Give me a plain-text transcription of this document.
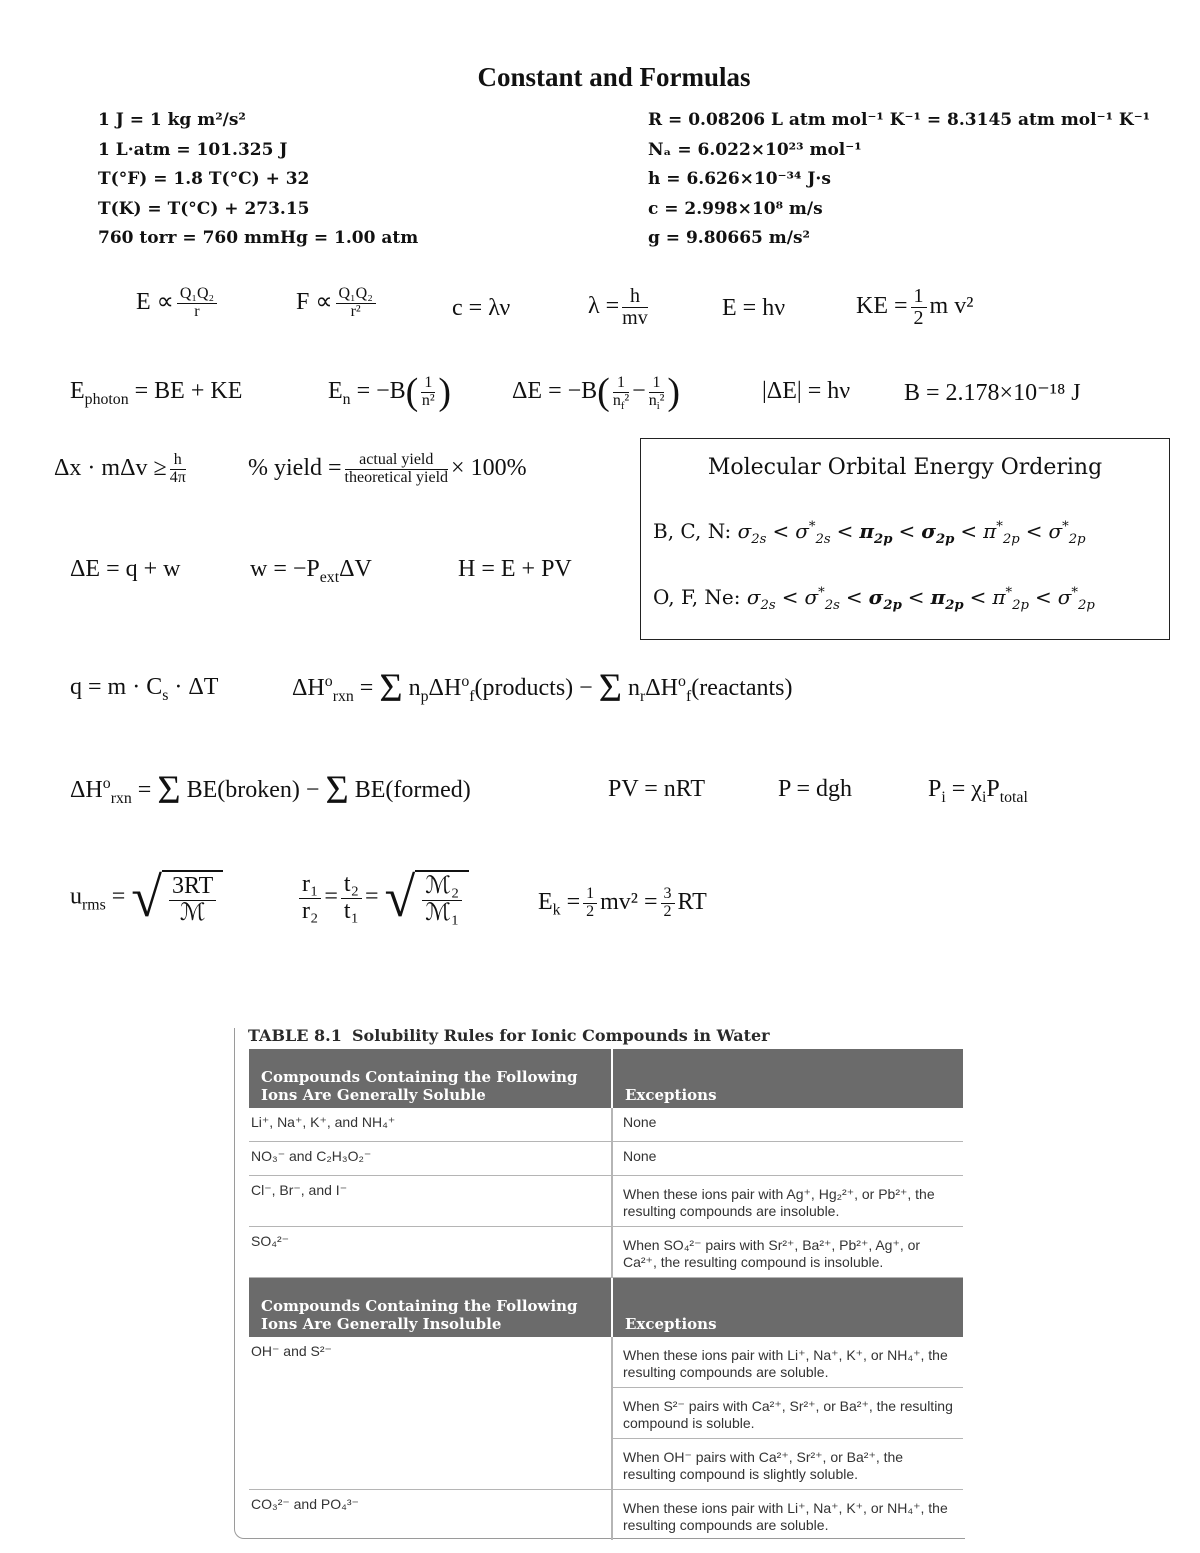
Constant and Formulas
1 J = 1 kg m²/s²
1 L·atm = 101.325 J
T(°F) = 1.8 T(°C) + 32
T(K) = T(°C) + 273.15
760 torr = 760 mmHg = 1.00 atm
R = 0.08206 L atm mol⁻¹ K⁻¹ = 8.3145 atm mol⁻¹ K⁻¹
Nₐ = 6.022×10²³ mol⁻¹
h = 6.626×10⁻³⁴ J·s
c = 2.998×10⁸ m/s
g = 9.80665 m/s²
$E \propto \frac{\text{Q₁Q₂}}{r}$	$F \propto \frac{\text{Q₁Q₂}}{\text{r²}}$	c = λν	$\lambda = \frac{h}{mv}$	E = hν	KE = $\frac{1}{2}$ m v²
$E_{photon}$ = BE + KE	$E_n = -B( \frac{1}{\text{n²}}$ )	$\Delta E = -B( \frac{1}{n_f^2} - \frac{1}{n_i^2}$ )	|ΔE| = hν B = 2.178×10⁻¹⁸ J
$\Delta x \cdot m\Delta v \ge \frac{h}{4\pi}$	% yield = $\frac{\text{actual yield}}{\text{theoretical yield}} \times 100\%$
ΔE = q + w	$w = -P_{ext}\Delta V$	H = E + PV
Molecular Orbital Energy Ordering
B, C, N: $\sigma_{2s} < \sigma^*_{2s} < \pi_{2p} < \sigma_{2p} < \pi^*_{2p} < \sigma^*_{2p}$
O, F, Ne: $\sigma_{2s} < \sigma^*_{2s} < \sigma_{2p} < \pi_{2p} < \pi^*_{2p} < \sigma^*_{2p}$
$q = m \cdot C_s \cdot \Delta T$	$\Delta H^o_{rxn} = \Sigma$ $n_p\Delta H^o_f(products) - \Sigma$ $n_r\Delta H^o_f(reactants)$
$\Delta H^o_{rxn} = \Sigma$ BE(broken) − Σ BE(formed)	PV = nRT	P = dgh	$P_i = \chi_iP_{total}$
$u_{rms}$ = √ $\frac{3RT}{\text{ℳ}}$	$\frac{\text{r₁}}{\text{r₂}} = \frac{\text{t₂}}{\text{t₁}}$ = √ $\frac{\text{ℳ₂}}{\text{ℳ₁}}$	$E_k = \frac{1}{2} mv^2 = \frac{3}{2}$ RT
TABLE 8.1 Solubility Rules for Ionic Compounds in Water
Compounds Containing the Following Ions Are Generally Soluble	Exceptions
Li⁺, Na⁺, K⁺, and NH₄⁺	None
NO₃⁻ and C₂H₃O₂⁻	None
Cl⁻, Br⁻, and I⁻	When these ions pair with Ag⁺, Hg₂²⁺, or Pb²⁺, the resulting compounds are insoluble.
SO₄²⁻	When SO₄²⁻ pairs with Sr²⁺, Ba²⁺, Pb²⁺, Ag⁺, or Ca²⁺, the resulting compound is insoluble.
Compounds Containing the Following Ions Are Generally Insoluble	Exceptions
OH⁻ and S²⁻	When these ions pair with Li⁺, Na⁺, K⁺, or NH₄⁺, the resulting compounds are soluble.
	When S²⁻ pairs with Ca²⁺, Sr²⁺, or Ba²⁺, the resulting compound is soluble.
	When OH⁻ pairs with Ca²⁺, Sr²⁺, or Ba²⁺, the resulting compound is slightly soluble.
CO₃²⁻ and PO₄³⁻	When these ions pair with Li⁺, Na⁺, K⁺, or NH₄⁺, the resulting compounds are soluble.
